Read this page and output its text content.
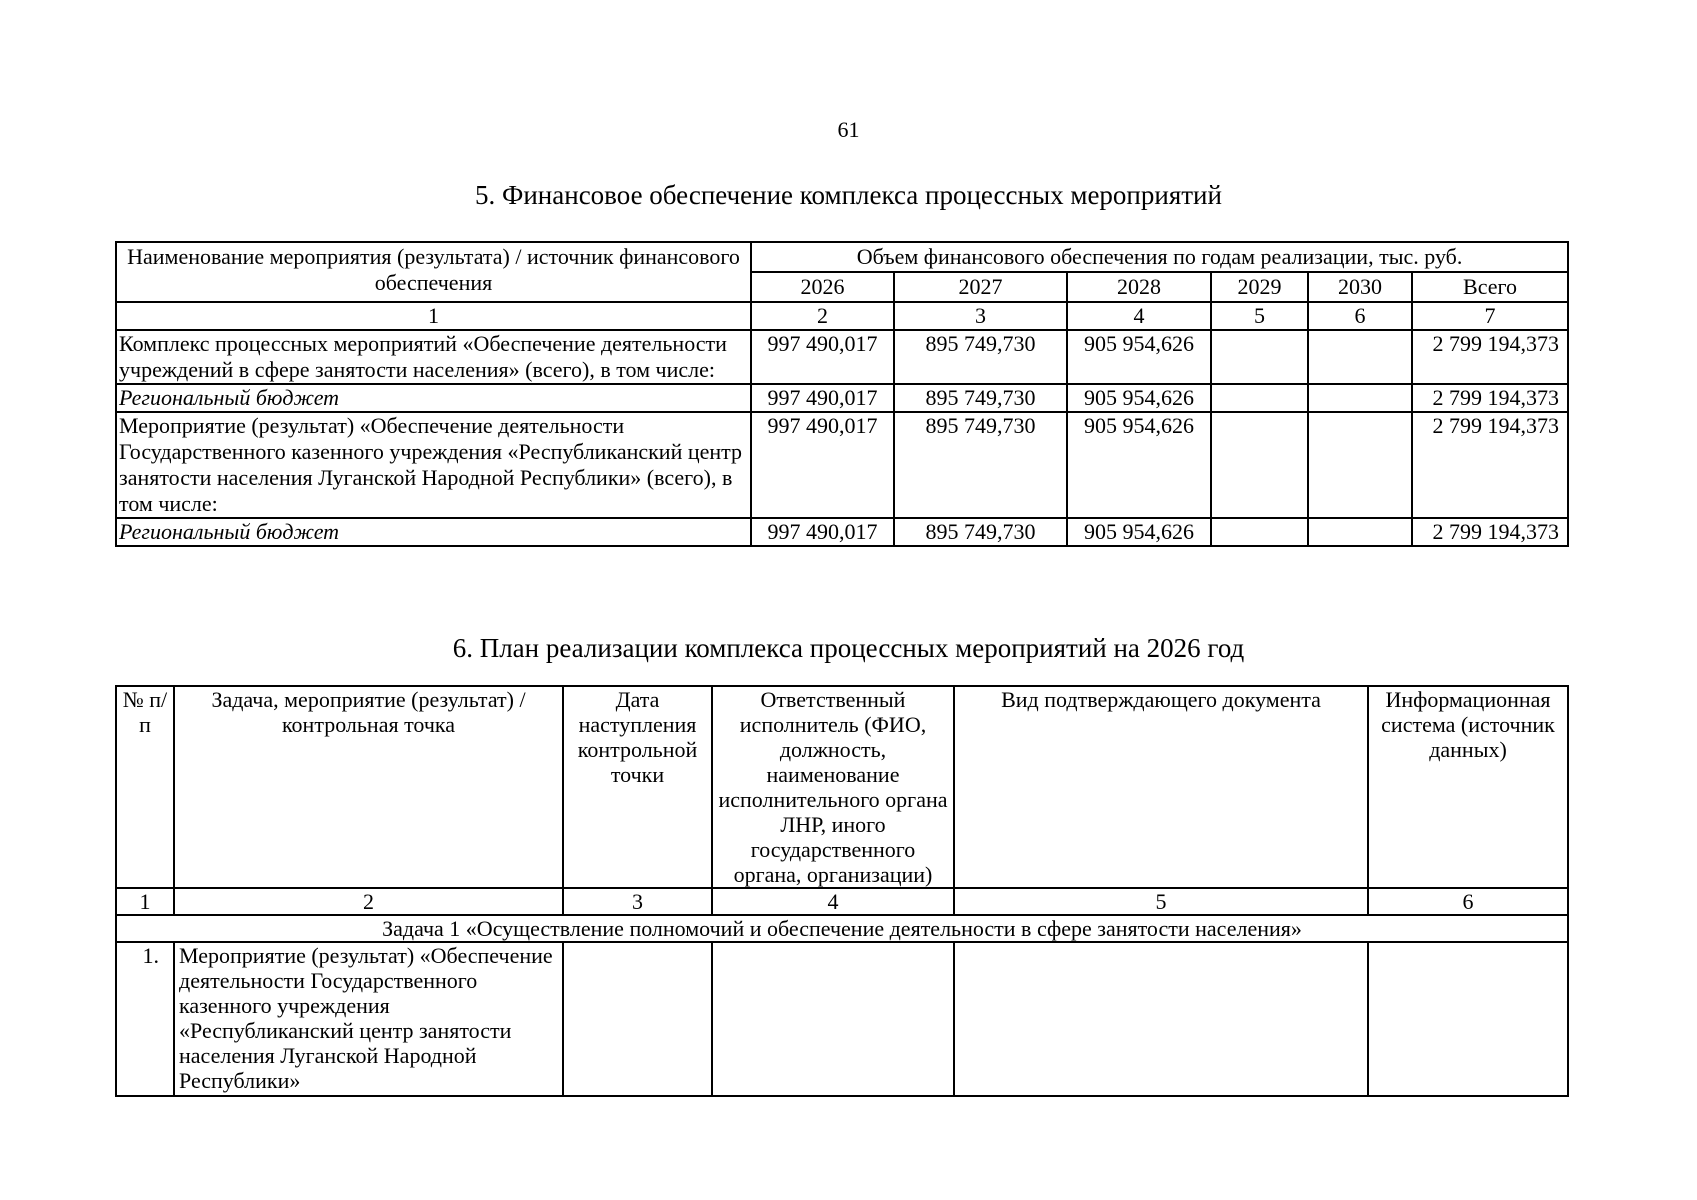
61
5. Финансовое обеспечение комплекса процессных мероприятий
Наименование мероприятия (результата) / источник финансового обеспечения	Объем финансового обеспечения по годам реализации, тыс. руб.					
	2026	2027	2028	2029	2030	Всего
1	2	3	4	5	6	7
Комплекс процессных мероприятий «Обеспечение деятельности учреждений в сфере занятости населения» (всего), в том числе:	997 490,017	895 749,730	905 954,626			2 799 194,373
Региональный бюджет	997 490,017	895 749,730	905 954,626			2 799 194,373
Мероприятие (результат) «Обеспечение деятельности Государственного казенного учреждения «Республиканский центр занятости населения Луганской Народной Республики» (всего), в том числе:	997 490,017	895 749,730	905 954,626			2 799 194,373
Региональный бюджет	997 490,017	895 749,730	905 954,626			2 799 194,373
6. План реализации комплекса процессных мероприятий на 2026 год
№ п/п	Задача, мероприятие (результат) / контрольная точка	Дата наступления контрольной точки	Ответственный исполнитель (ФИО, должность, наименование исполнительного органа ЛНР, иного государственного органа, организации)	Вид подтверждающего документа	Информационная система (источник данных)
1	2	3	4	5	6
Задача 1 «Осуществление полномочий и обеспечение деятельности в сфере занятости населения»					
1.	Мероприятие (результат) «Обеспечение деятельности Государственного казенного учреждения «Республиканский центр занятости населения Луганской Народной Республики»				
